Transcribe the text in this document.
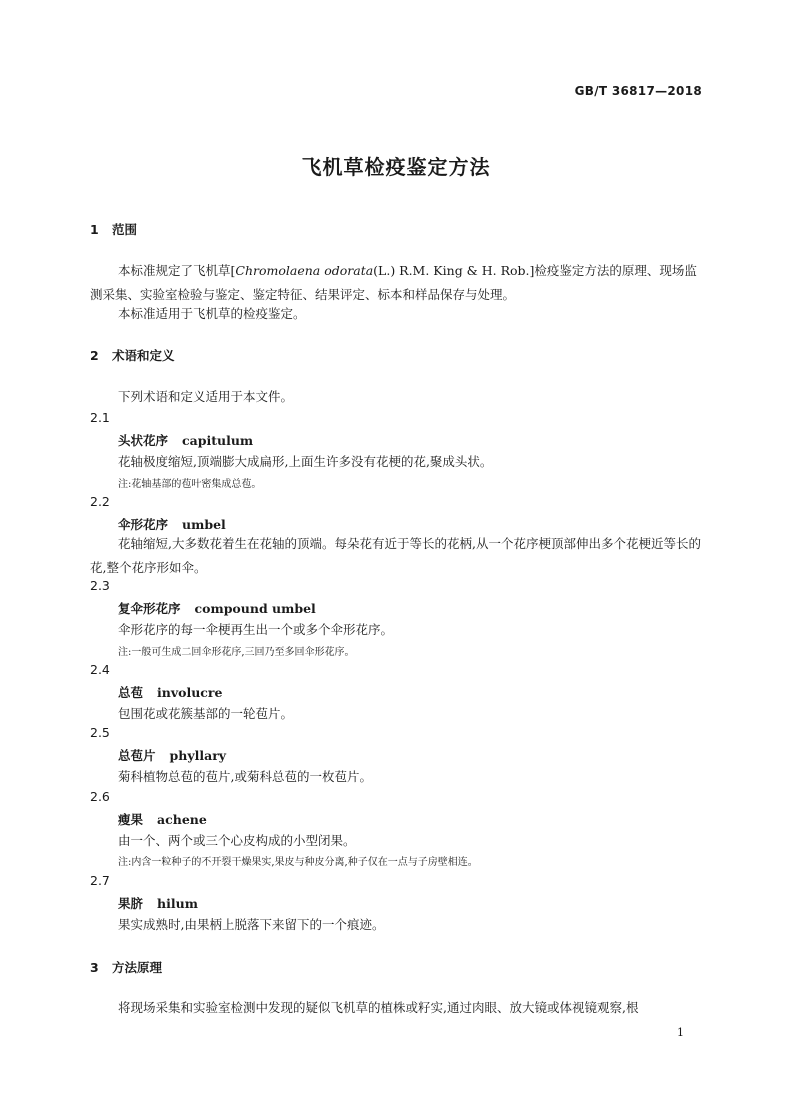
GB/T 36817—2018
飞机草检疫鉴定方法
1 范围
本标准规定了飞机草[Chromolaena odorata(L.) R.M. King & H. Rob.]检疫鉴定方法的原理、现场监测采集、实验室检验与鉴定、鉴定特征、结果评定、标本和样品保存与处理。
本标准适用于飞机草的检疫鉴定。
2 术语和定义
下列术语和定义适用于本文件。
2.1
头状花序 capitulum
花轴极度缩短,顶端膨大成扁形,上面生许多没有花梗的花,聚成头状。
注:花轴基部的苞叶密集成总苞。
2.2
伞形花序 umbel
花轴缩短,大多数花着生在花轴的顶端。每朵花有近于等长的花柄,从一个花序梗顶部伸出多个花梗近等长的花,整个花序形如伞。
2.3
复伞形花序 compound umbel
伞形花序的每一伞梗再生出一个或多个伞形花序。
注:一般可生成二回伞形花序,三回乃至多回伞形花序。
2.4
总苞 involucre
包围花或花簇基部的一轮苞片。
2.5
总苞片 phyllary
菊科植物总苞的苞片,或菊科总苞的一枚苞片。
2.6
瘦果 achene
由一个、两个或三个心皮构成的小型闭果。
注:内含一粒种子的不开裂干燥果实,果皮与种皮分离,种子仅在一点与子房壁相连。
2.7
果脐 hilum
果实成熟时,由果柄上脱落下来留下的一个痕迹。
3 方法原理
将现场采集和实验室检测中发现的疑似飞机草的植株或籽实,通过肉眼、放大镜或体视镜观察,根
1
